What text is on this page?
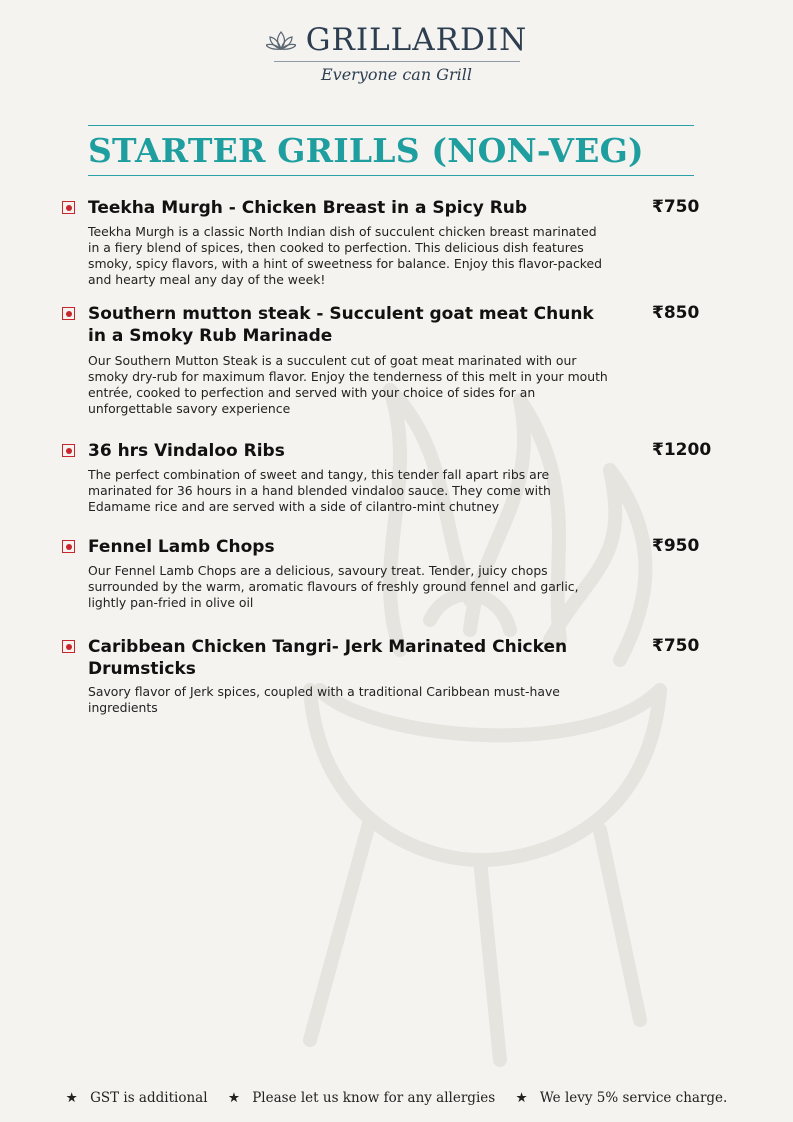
GRILLARDIN
Everyone can Grill
STARTER GRILLS (NON-VEG)
Teekha Murgh - Chicken Breast in a Spicy Rub	₹750
Teekha Murgh is a classic North Indian dish of succulent chicken breast marinated in a fiery blend of spices, then cooked to perfection. This delicious dish features smoky, spicy flavors, with a hint of sweetness for balance. Enjoy this flavor-packed and hearty meal any day of the week!
Southern mutton steak - Succulent goat meat Chunk in a Smoky Rub Marinade
₹850
Our Southern Mutton Steak is a succulent cut of goat meat marinated with our smoky dry-rub for maximum flavor. Enjoy the tenderness of this melt in your mouth entrée, cooked to perfection and served with your choice of sides for an unforgettable savory experience
36 hrs Vindaloo Ribs	₹1200
The perfect combination of sweet and tangy, this tender fall apart ribs are marinated for 36 hours in a hand blended vindaloo sauce. They come with Edamame rice and are served with a side of cilantro-mint chutney
Fennel Lamb Chops	₹950
Our Fennel Lamb Chops are a delicious, savoury treat. Tender, juicy chops surrounded by the warm, aromatic flavours of freshly ground fennel and garlic, lightly pan-fried in olive oil
Caribbean Chicken Tangri- Jerk Marinated Chicken Drumsticks
₹750
Savory flavor of Jerk spices, coupled with a traditional Caribbean must-have ingredients
★ GST is additional ★ Please let us know for any allergies ★ We levy 5% service charge.
